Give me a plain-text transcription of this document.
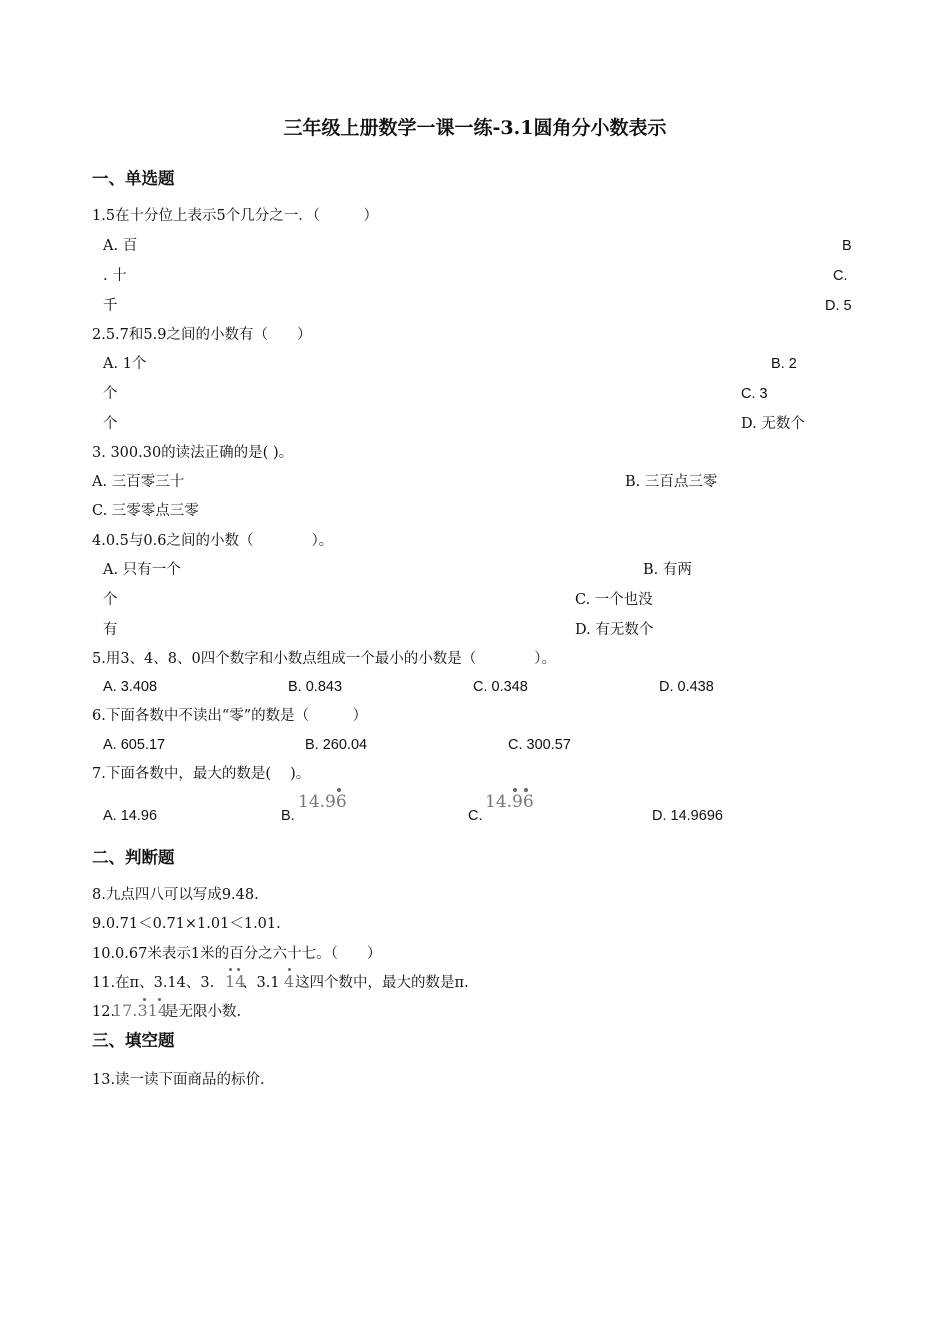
三年级上册数学一课一练-3.1圆角分小数表示
一、单选题
1.5在十分位上表示5个几分之一．（　　　）
A. 百	B
. 十	C.
千	D. 5
2.5.7和5.9之间的小数有（　　）
A. 1个	B. 2
个	C. 3
个	D. 无数个
3. 300.30的读法正确的是( )。
A. 三百零三十	B. 三百点三零
C. 三零零点三零
4.0.5与0.6之间的小数（　　　　）。
A. 只有一个	B. 有两
个	C. 一个也没
有	D. 有无数个
5.用3、4、8、0四个数字和小数点组成一个最小的小数是（　　　　）。
A. 3.408	B. 0.843	C. 0.348	D. 0.438
6.下面各数中不读出“零”的数是（　　　）
A. 605.17	B. 260.04	C. 300.57
7.下面各数中，最大的数是(　 )。
A. 14.96	B.
14.96
C.
14.96
D. 14.9696
二、判断题
8.九点四八可以写成9.48.
9.0.71＜0.71×1.01＜1.01.
10.0.67米表示1米的百分之六十七。（　　）
11.在π、3.14、3. 14
、3.1 4 这四个数中，最大的数是π.
12.
17.314
是无限小数.
三、填空题
13.读一读下面商品的标价.
